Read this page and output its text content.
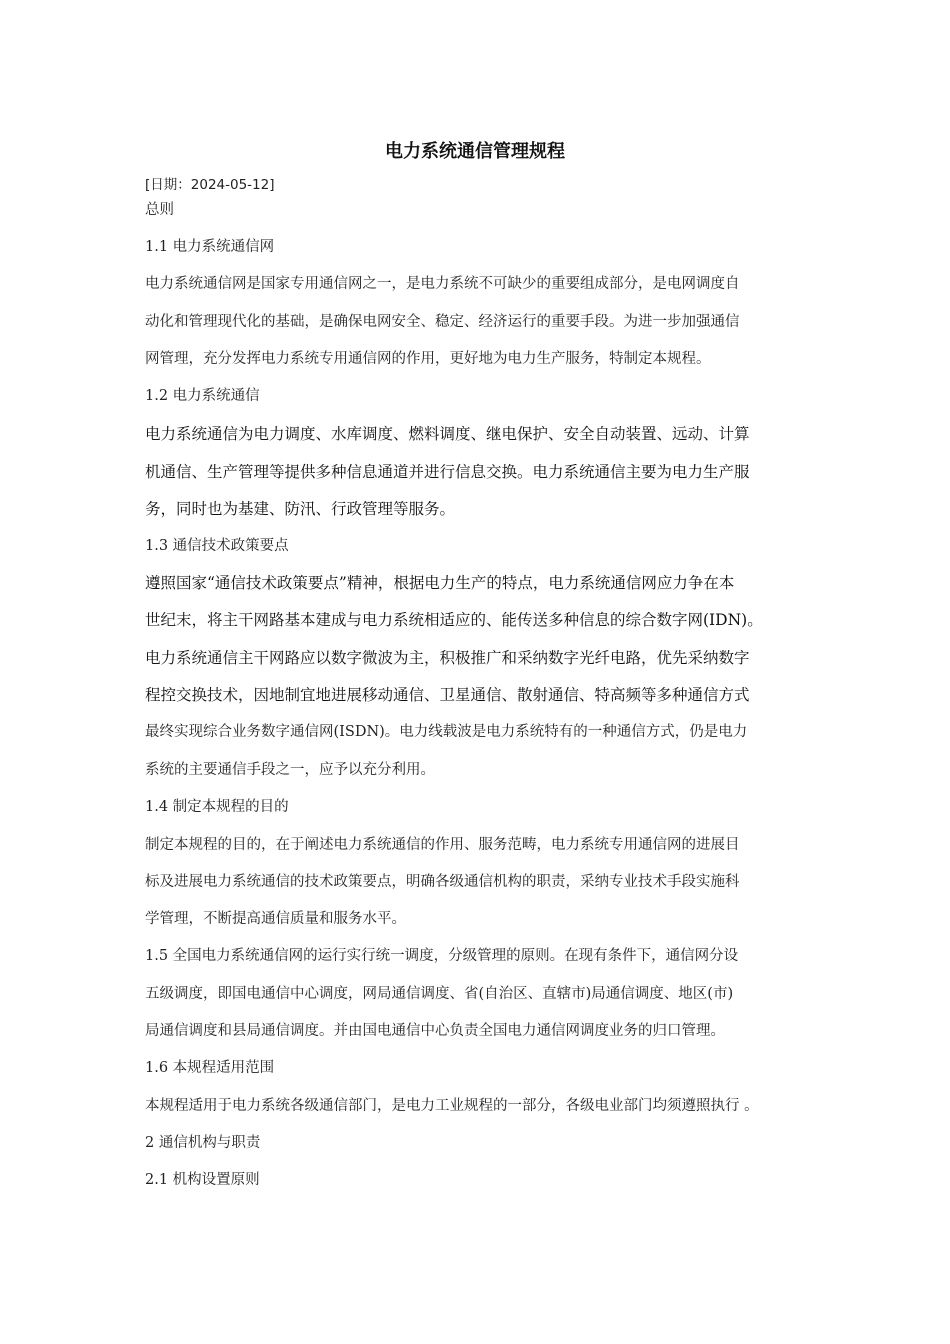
电力系统通信管理规程
[日期：2024-05-12]
总则
1.1 电力系统通信网
电力系统通信网是国家专用通信网之一，是电力系统不可缺少的重要组成部分，是电网调度自
动化和管理现代化的基础，是确保电网安全、稳定、经济运行的重要手段。为进一步加强通信
网管理，充分发挥电力系统专用通信网的作用，更好地为电力生产服务，特制定本规程。
1.2 电力系统通信
电力系统通信为电力调度、水库调度、燃料调度、继电保护、安全自动装置、远动、计算
机通信、生产管理等提供多种信息通道并进行信息交换。电力系统通信主要为电力生产服
务，同时也为基建、防汛、行政管理等服务。
1.3 通信技术政策要点
遵照国家“通信技术政策要点”精神，根据电力生产的特点，电力系统通信网应力争在本
世纪末，将主干网路基本建成与电力系统相适应的、能传送多种信息的综合数字网(IDN)。
电力系统通信主干网路应以数字微波为主，积极推广和采纳数字光纤电路，优先采纳数字
程控交换技术，因地制宜地进展移动通信、卫星通信、散射通信、特高频等多种通信方式
最终实现综合业务数字通信网(ISDN)。电力线载波是电力系统特有的一种通信方式，仍是电力
系统的主要通信手段之一，应予以充分利用。
1.4 制定本规程的目的
制定本规程的目的，在于阐述电力系统通信的作用、服务范畴，电力系统专用通信网的进展目
标及进展电力系统通信的技术政策要点，明确各级通信机构的职责，采纳专业技术手段实施科
学管理，不断提高通信质量和服务水平。
1.5 全国电力系统通信网的运行实行统一调度，分级管理的原则。在现有条件下，通信网分设
五级调度，即国电通信中心调度，网局通信调度、省(自治区、直辖市)局通信调度、地区(市)
局通信调度和县局通信调度。并由国电通信中心负责全国电力通信网调度业务的归口管理。
1.6 本规程适用范围
本规程适用于电力系统各级通信部门，是电力工业规程的一部分，各级电业部门均须遵照执行 。
2 通信机构与职责
2.1 机构设置原则
